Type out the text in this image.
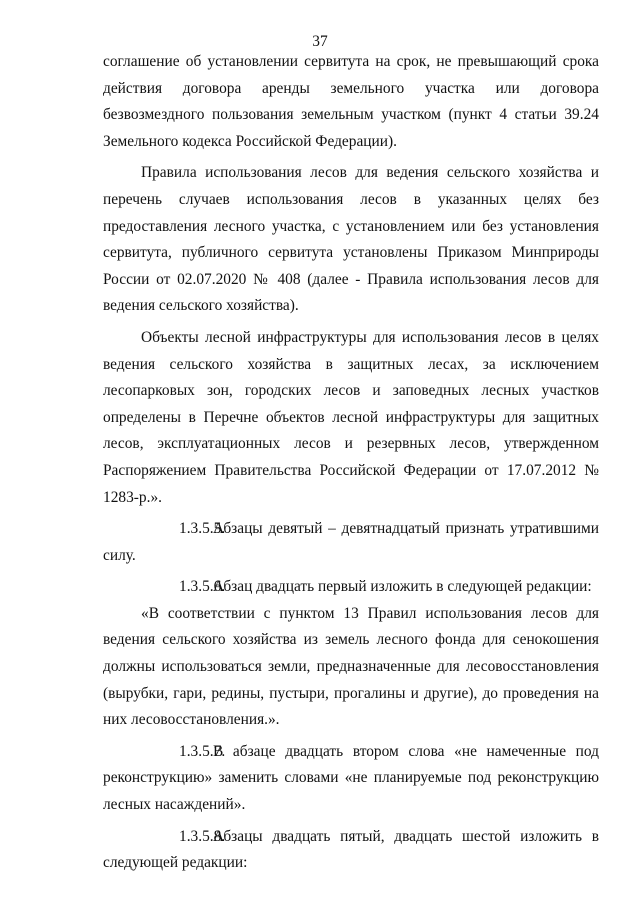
37

соглашение об установлении сервитута на срок, не превышающий срока действия договора аренды земельного участка или договора безвозмездного пользования земельным участком (пункт 4 статьи 39.24 Земельного кодекса Российской Федерации).

Правила использования лесов для ведения сельского хозяйства и перечень случаев использования лесов в указанных целях без предоставления лесного участка, с установлением или без установления сервитута, публичного сервитута установлены Приказом Минприроды России от 02.07.2020 № 408 (далее - Правила использования лесов для ведения сельского хозяйства).

Объекты лесной инфраструктуры для использования лесов в целях ведения сельского хозяйства в защитных лесах, за исключением лесопарковых зон, городских лесов и заповедных лесных участков определены в Перечне объектов лесной инфраструктуры для защитных лесов, эксплуатационных лесов и резервных лесов, утвержденном Распоряжением Правительства Российской Федерации от 17.07.2012 № 1283-р.».

1.3.5.5.Абзацы девятый – девятнадцатый признать утратившими силу.

1.3.5.6.Абзац двадцать первый изложить в следующей редакции:

«В соответствии с пунктом 13 Правил использования лесов для ведения сельского хозяйства из земель лесного фонда для сенокошения должны использоваться земли, предназначенные для лесовосстановления (вырубки, гари, редины, пустыри, прогалины и другие), до проведения на них лесовосстановления.».

1.3.5.7.В абзаце двадцать втором слова «не намеченные под реконструкцию» заменить словами «не планируемые под реконструкцию лесных насаждений».

1.3.5.8.Абзацы двадцать пятый, двадцать шестой изложить в следующей редакции:
